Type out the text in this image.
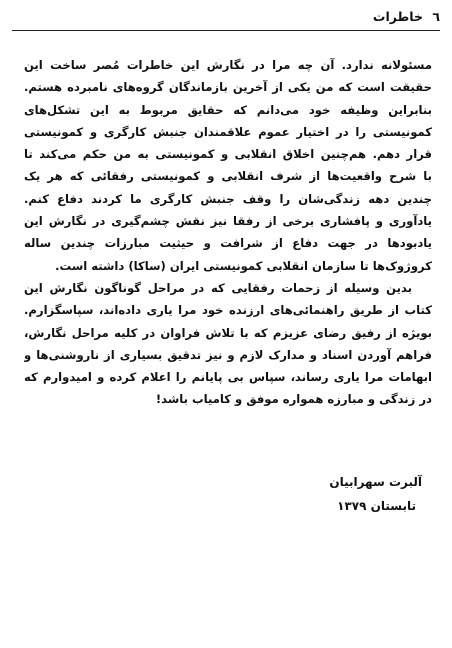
٦ خاطرات
مسئولانه ندارد. آن چه مرا در نگارش این خاطرات مُصر ساخت این
حقیقت است که من یکی از آخرین بازماندگان گروه‌های نامبرده هستم.
بنابراین وظیفه خود می‌دانم که حقایق مربوط به این تشکل‌های
کمونیستی را در اختیار عموم علاقمندان جنبش کارگری و کمونیستی
قرار دهم. هم‌چنین اخلاق انقلابی و کمونیستی به من حکم می‌کند تا
با شرح واقعیت‌ها از شرف انقلابی و کمونیستی رفقائی که هر یک
چندین دهه زندگی‌شان را وقف جنبش کارگری ما کردند دفاع کنم.
یادآوری و پافشاری برخی از رفقا نیز نقش چشم‌گیری در نگارش این
یادبودها در جهت دفاع از شرافت و حیثیت مبارزات چندین ساله
کروژوک‌ها تا سازمان انقلابی کمونیستی ایران (ساکا) داشته است.
بدین وسیله از زحمات رفقایی که در مراحل گوناگون نگارش این
کتاب از طریق راهنمائی‌های ارزنده خود مرا یاری داده‌اند، سپاسگزارم.
بویژه از رفیق رضای عزیزم که با تلاش فراوان در کلیه مراحل نگارش،
فراهم آوردن اسناد و مدارک لازم و نیز تدقیق بسیاری از ناروشنی‌ها و
ابهامات مرا یاری رساند، سپاس بی پایانم را اعلام کرده و امیدوارم که
در زندگی و مبارزه همواره موفق و کامیاب باشد!
آلبرت سهرابیان
تابستان ۱۳۷۹
